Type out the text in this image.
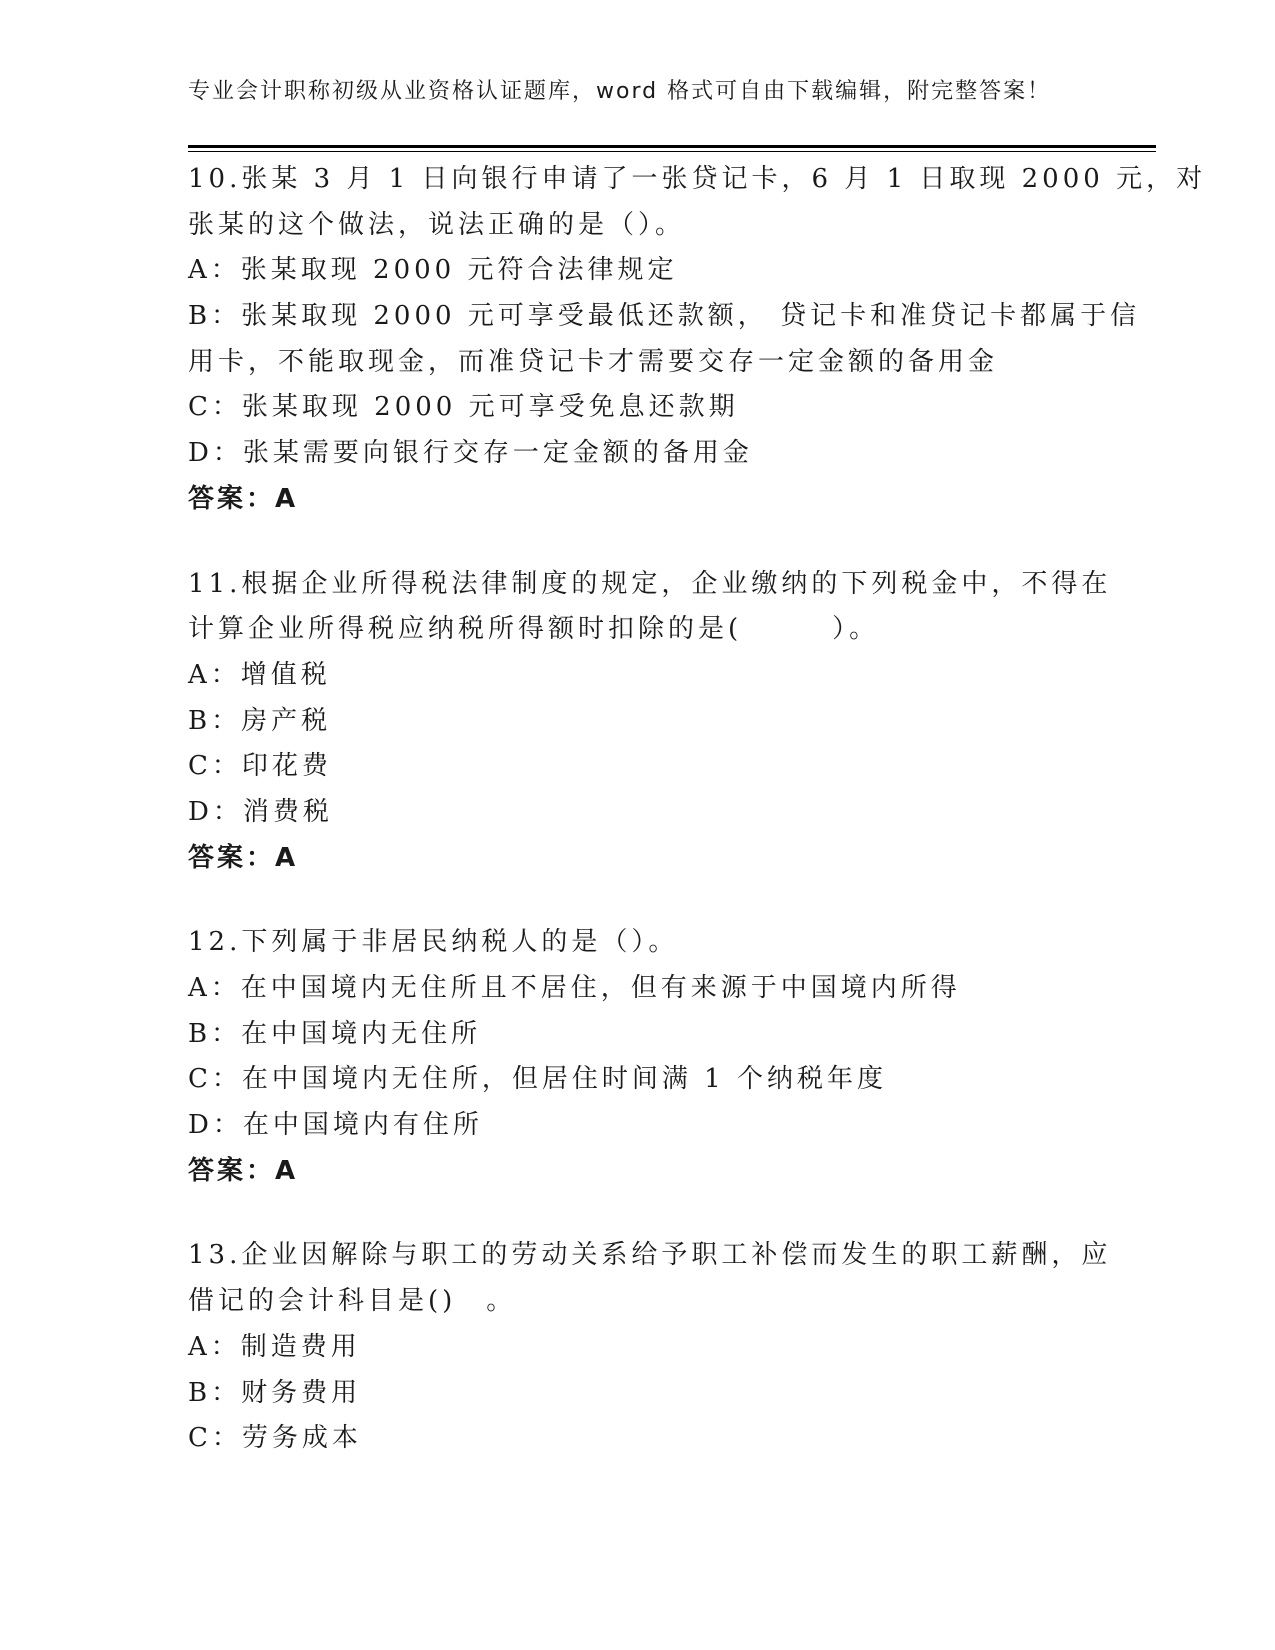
专业会计职称初级从业资格认证题库，word 格式可自由下载编辑，附完整答案！
10.张某 3 月 1 日向银行申请了一张贷记卡，6 月 1 日取现 2000 元，对
张某的这个做法，说法正确的是（）。
A：张某取现 2000 元符合法律规定
B：张某取现 2000 元可享受最低还款额， 贷记卡和准贷记卡都属于信
用卡，不能取现金，而准贷记卡才需要交存一定金额的备用金
C：张某取现 2000 元可享受免息还款期
D：张某需要向银行交存一定金额的备用金
答案：A
11.根据企业所得税法律制度的规定，企业缴纳的下列税金中，不得在
计算企业所得税应纳税所得额时扣除的是(　　　）。
A：增值税
B：房产税
C：印花费
D：消费税
答案：A
12.下列属于非居民纳税人的是（）。
A：在中国境内无住所且不居住，但有来源于中国境内所得
B：在中国境内无住所
C：在中国境内无住所，但居住时间满 1 个纳税年度
D：在中国境内有住所
答案：A
13.企业因解除与职工的劳动关系给予职工补偿而发生的职工薪酬，应
借记的会计科目是()　。
A：制造费用
B：财务费用
C：劳务成本
